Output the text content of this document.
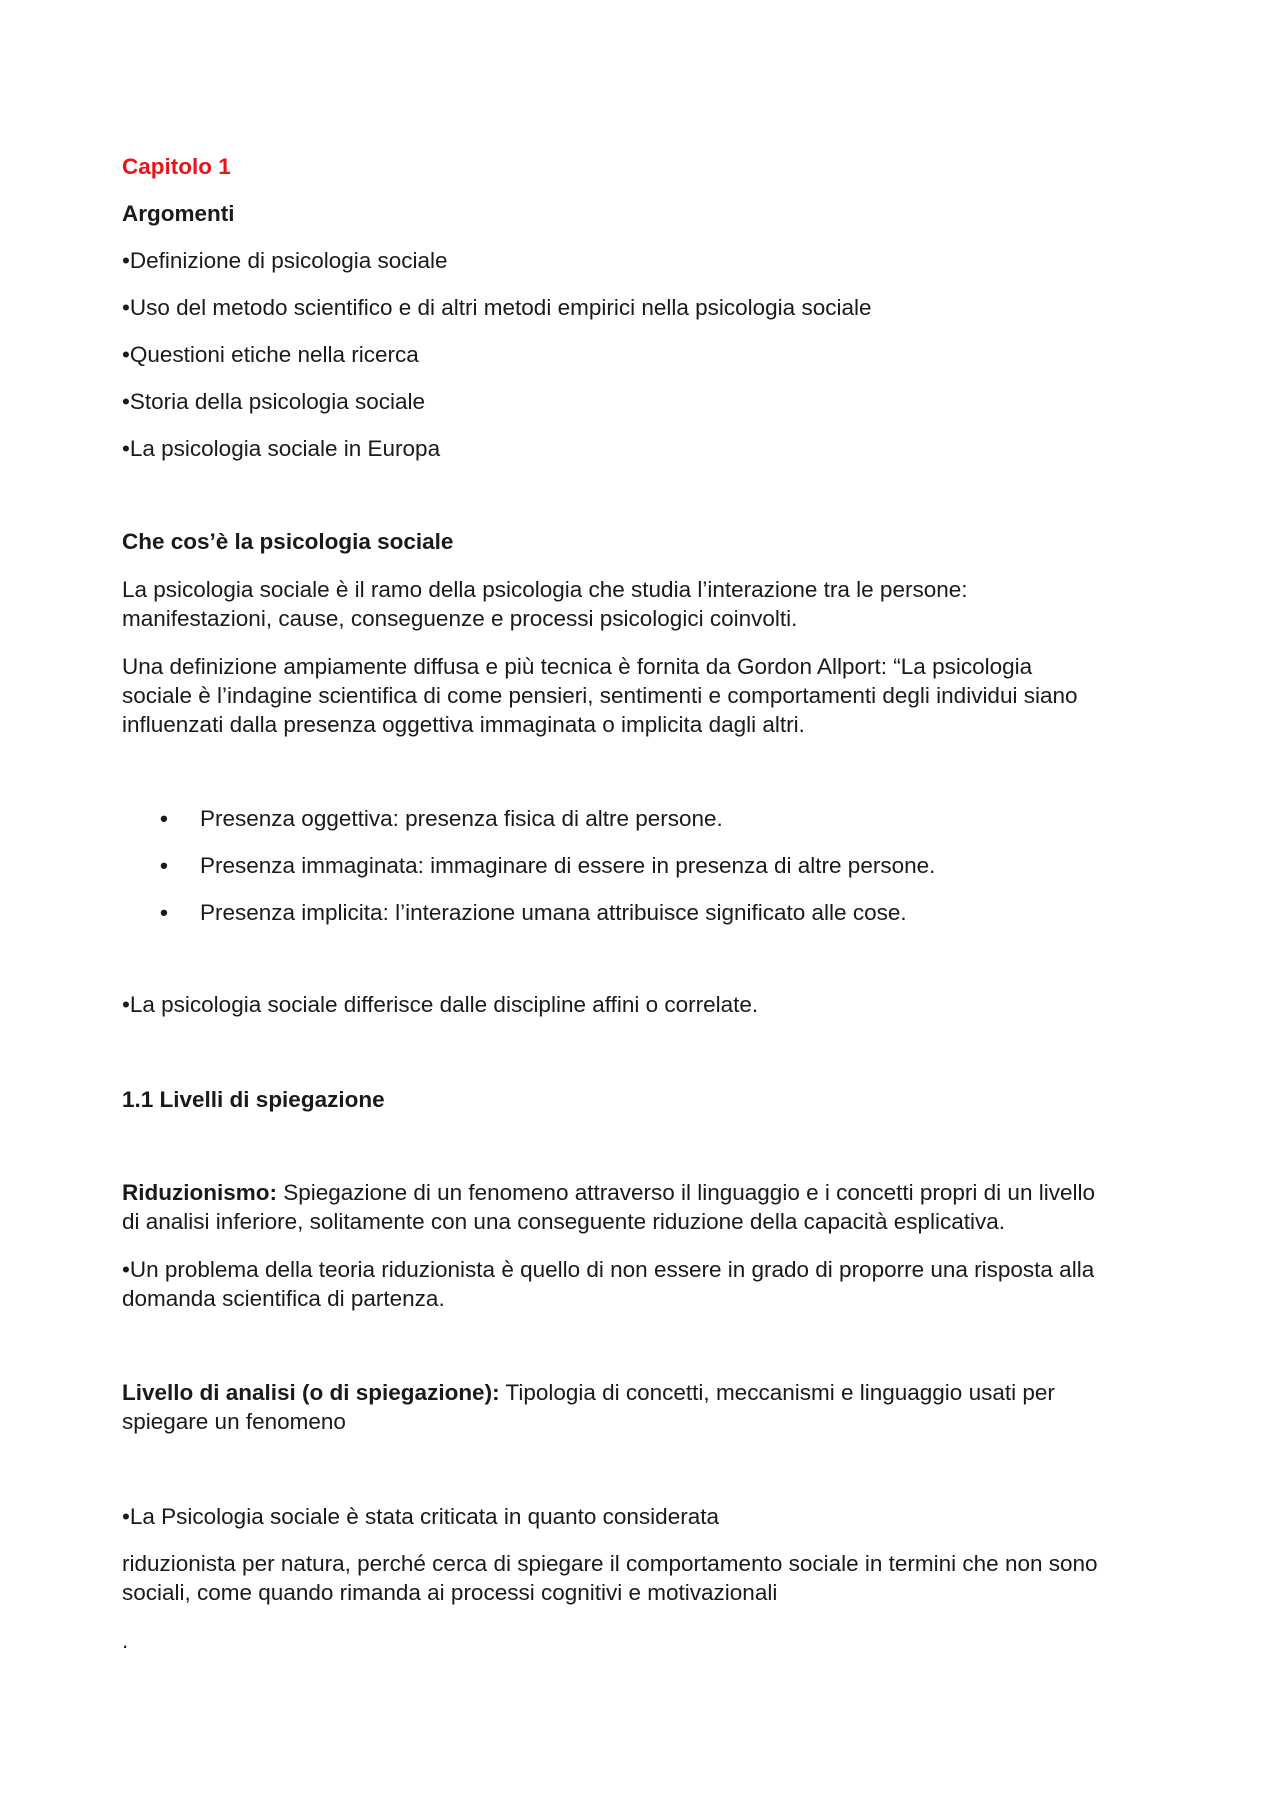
Capitolo 1

Argomenti

•Definizione di psicologia sociale

•Uso del metodo scientifico e di altri metodi empirici nella psicologia sociale

•Questioni etiche nella ricerca

•Storia della psicologia sociale

•La psicologia sociale in Europa

Che cos’è la psicologia sociale

La psicologia sociale è il ramo della psicologia che studia l’interazione tra le persone:
manifestazioni, cause, conseguenze e processi psicologici coinvolti.
Una definizione ampiamente diffusa e più tecnica è fornita da Gordon Allport: “La psicologia
sociale è l’indagine scientifica di come pensieri, sentimenti e comportamenti degli individui siano
influenzati dalla presenza oggettiva immaginata o implicita dagli altri.
• Presenza oggettiva: presenza fisica di altre persone.
• Presenza immaginata: immaginare di essere in presenza di altre persone.
• Presenza implicita: l’interazione umana attribuisce significato alle cose.

•La psicologia sociale differisce dalle discipline affini o correlate.

1.1 Livelli di spiegazione

Riduzionismo: Spiegazione di un fenomeno attraverso il linguaggio e i concetti propri di un livello
di analisi inferiore, solitamente con una conseguente riduzione della capacità esplicativa.
•Un problema della teoria riduzionista è quello di non essere in grado di proporre una risposta alla
domanda scientifica di partenza.
Livello di analisi (o di spiegazione): Tipologia di concetti, meccanismi e linguaggio usati per
spiegare un fenomeno

•La Psicologia sociale è stata criticata in quanto considerata

riduzionista per natura, perché cerca di spiegare il comportamento sociale in termini che non sono
sociali, come quando rimanda ai processi cognitivi e motivazionali

.
